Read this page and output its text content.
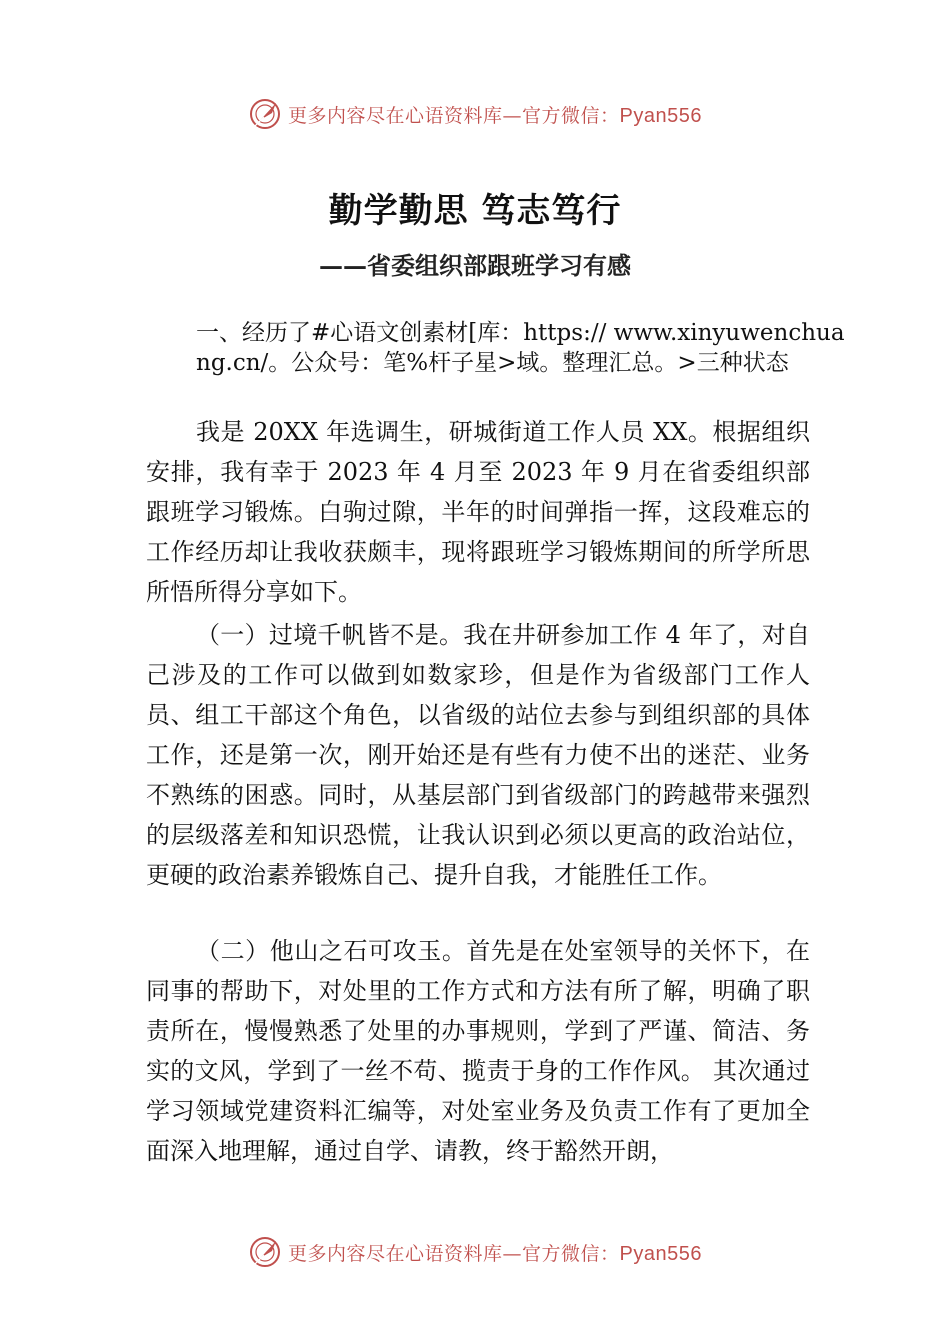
更多内容尽在心语资料库—官方微信：Pyan556
勤学勤思 笃志笃行
——省委组织部跟班学习有感

一、经历了#心语文创素材[库：https:// www.xinyuwenchuang.cn/。公众号：笔%杆子星>域。整理汇总。>三种状态

我是 20XX 年选调生，研城街道工作人员 XX。根据组织安排，我有幸于 2023 年 4 月至 2023 年 9 月在省委组织部跟班学习锻炼。白驹过隙，半年的时间弹指一挥，这段难忘的工作经历却让我收获颇丰，现将跟班学习锻炼期间的所学所思所悟所得分享如下。

（一）过境千帆皆不是。我在井研参加工作 4 年了，对自己涉及的工作可以做到如数家珍，但是作为省级部门工作人员、组工干部这个角色，以省级的站位去参与到组织部的具体工作，还是第一次，刚开始还是有些有力使不出的迷茫、业务不熟练的困惑。同时，从基层部门到省级部门的跨越带来强烈的层级落差和知识恐慌，让我认识到必须以更高的政治站位，更硬的政治素养锻炼自己、提升自我，才能胜任工作。

（二）他山之石可攻玉。首先是在处室领导的关怀下，在同事的帮助下，对处里的工作方式和方法有所了解，明确了职责所在，慢慢熟悉了处里的办事规则，学到了严谨、简洁、务实的文风，学到了一丝不苟、揽责于身的工作作风。 其次通过学习领域党建资料汇编等，对处室业务及负责工作有了更加全面深入地理解，通过自学、请教，终于豁然开朗，

更多内容尽在心语资料库—官方微信：Pyan556
